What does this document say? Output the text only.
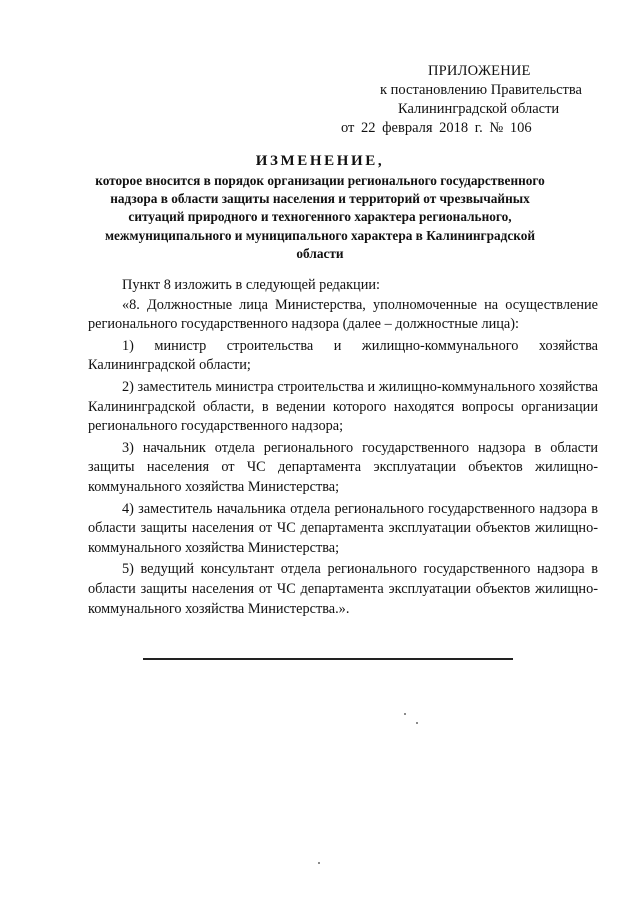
ПРИЛОЖЕНИЕ
к постановлению Правительства
Калининградской области
от 22 февраля 2018 г. № 106
ИЗМЕНЕНИЕ,
которое вносится в порядок организации регионального государственного надзора в области защиты населения и территорий от чрезвычайных ситуаций природного и техногенного характера регионального, межмуниципального и муниципального характера в Калининградской области

Пункт 8 изложить в следующей редакции:

«8. Должностные лица Министерства, уполномоченные на осуществление регионального государственного надзора (далее – должностные лица):

1) министр строительства и жилищно-коммунального хозяйства Калининградской области;

2) заместитель министра строительства и жилищно-коммунального хозяйства Калининградской области, в ведении которого находятся вопросы организации регионального государственного надзора;

3) начальник отдела регионального государственного надзора в области защиты населения от ЧС департамента эксплуатации объектов жилищно-коммунального хозяйства Министерства;

4) заместитель начальника отдела регионального государственного надзора в области защиты населения от ЧС департамента эксплуатации объектов жилищно-коммунального хозяйства Министерства;

5) ведущий консультант отдела регионального государственного надзора в области защиты населения от ЧС департамента эксплуатации объектов жилищно-коммунального хозяйства Министерства.».
